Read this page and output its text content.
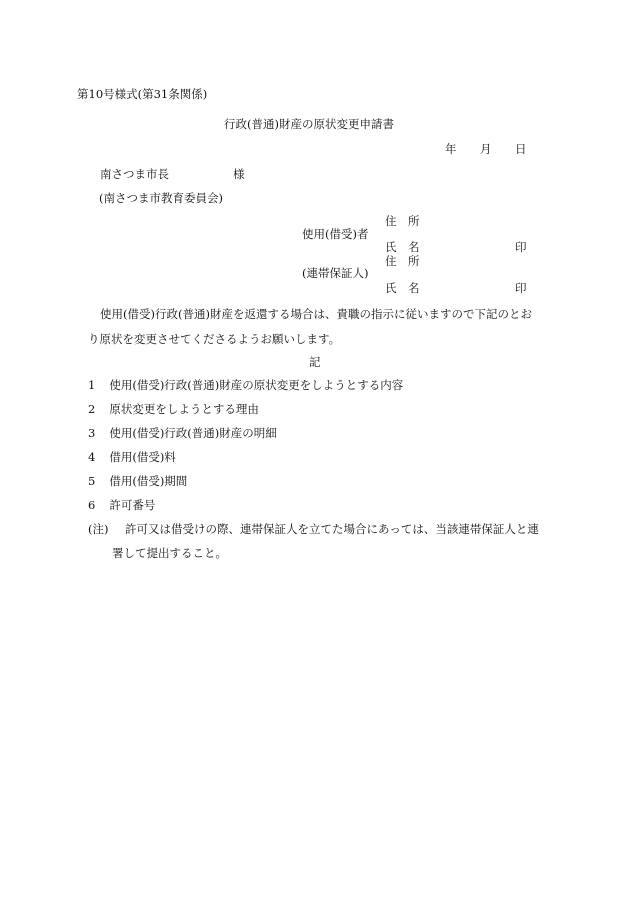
第10号様式(第31条関係)
行政(普通)財産の原状変更申請書
年 月 日
南さつま市長	様
(南さつま市教育委員会)
住　所
使用(借受)者
氏　名	印
住　所
(連帯保証人)
氏　名	印
使用(借受)行政(普通)財産を返還する場合は、貴職の指示に従いますので下記のとお
り原状を変更させてくださるようお願いします。
記
1 使用(借受)行政(普通)財産の原状変更をしようとする内容
2 原状変更をしようとする理由
3 使用(借受)行政(普通)財産の明細
4 借用(借受)料
5 借用(借受)期間
6 許可番号
(注) 許可又は借受けの際、連帯保証人を立てた場合にあっては、当該連帯保証人と連
署して提出すること。
